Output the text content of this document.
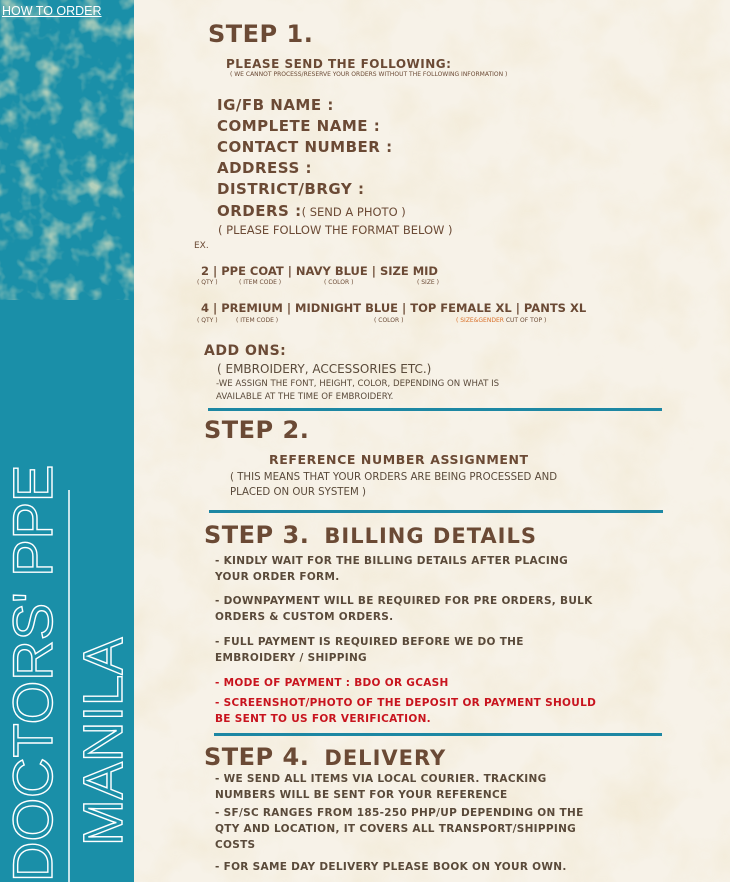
HOW TO ORDER
DOCTORS' PPE MANILA
STEP 1.
PLEASE SEND THE FOLLOWING:
( WE CANNOT PROCESS/RESERVE YOUR ORDERS WITHOUT THE FOLLOWING INFORMATION )
IG/FB NAME :
COMPLETE NAME :
CONTACT NUMBER :
ADDRESS :
DISTRICT/BRGY :
ORDERS :( SEND A PHOTO )
( PLEASE FOLLOW THE FORMAT BELOW )
EX.
2 | PPE COAT | NAVY BLUE | SIZE MID
( QTY )	( ITEM CODE )	( COLOR )	( SIZE )
4 | PREMIUM | MIDNIGHT BLUE | TOP FEMALE XL | PANTS XL
( QTY )	( ITEM CODE )	( COLOR )	( SIZE&GENDER CUT OF TOP )
ADD ONS:
( EMBROIDERY, ACCESSORIES ETC.)
-WE ASSIGN THE FONT, HEIGHT, COLOR, DEPENDING ON WHAT IS
AVAILABLE AT THE TIME OF EMBROIDERY.
STEP 2.
REFERENCE NUMBER ASSIGNMENT
( THIS MEANS THAT YOUR ORDERS ARE BEING PROCESSED AND
PLACED ON OUR SYSTEM )
STEP 3. BILLING DETAILS
- KINDLY WAIT FOR THE BILLING DETAILS AFTER PLACING
YOUR ORDER FORM.
- DOWNPAYMENT WILL BE REQUIRED FOR PRE ORDERS, BULK
ORDERS & CUSTOM ORDERS.
- FULL PAYMENT IS REQUIRED BEFORE WE DO THE
EMBROIDERY / SHIPPING
- MODE OF PAYMENT : BDO OR GCASH
- SCREENSHOT/PHOTO OF THE DEPOSIT OR PAYMENT SHOULD
BE SENT TO US FOR VERIFICATION.
STEP 4. DELIVERY
- WE SEND ALL ITEMS VIA LOCAL COURIER. TRACKING
NUMBERS WILL BE SENT FOR YOUR REFERENCE
- SF/SC RANGES FROM 185-250 PHP/UP DEPENDING ON THE
QTY AND LOCATION, IT COVERS ALL TRANSPORT/SHIPPING
COSTS
- FOR SAME DAY DELIVERY PLEASE BOOK ON YOUR OWN.
